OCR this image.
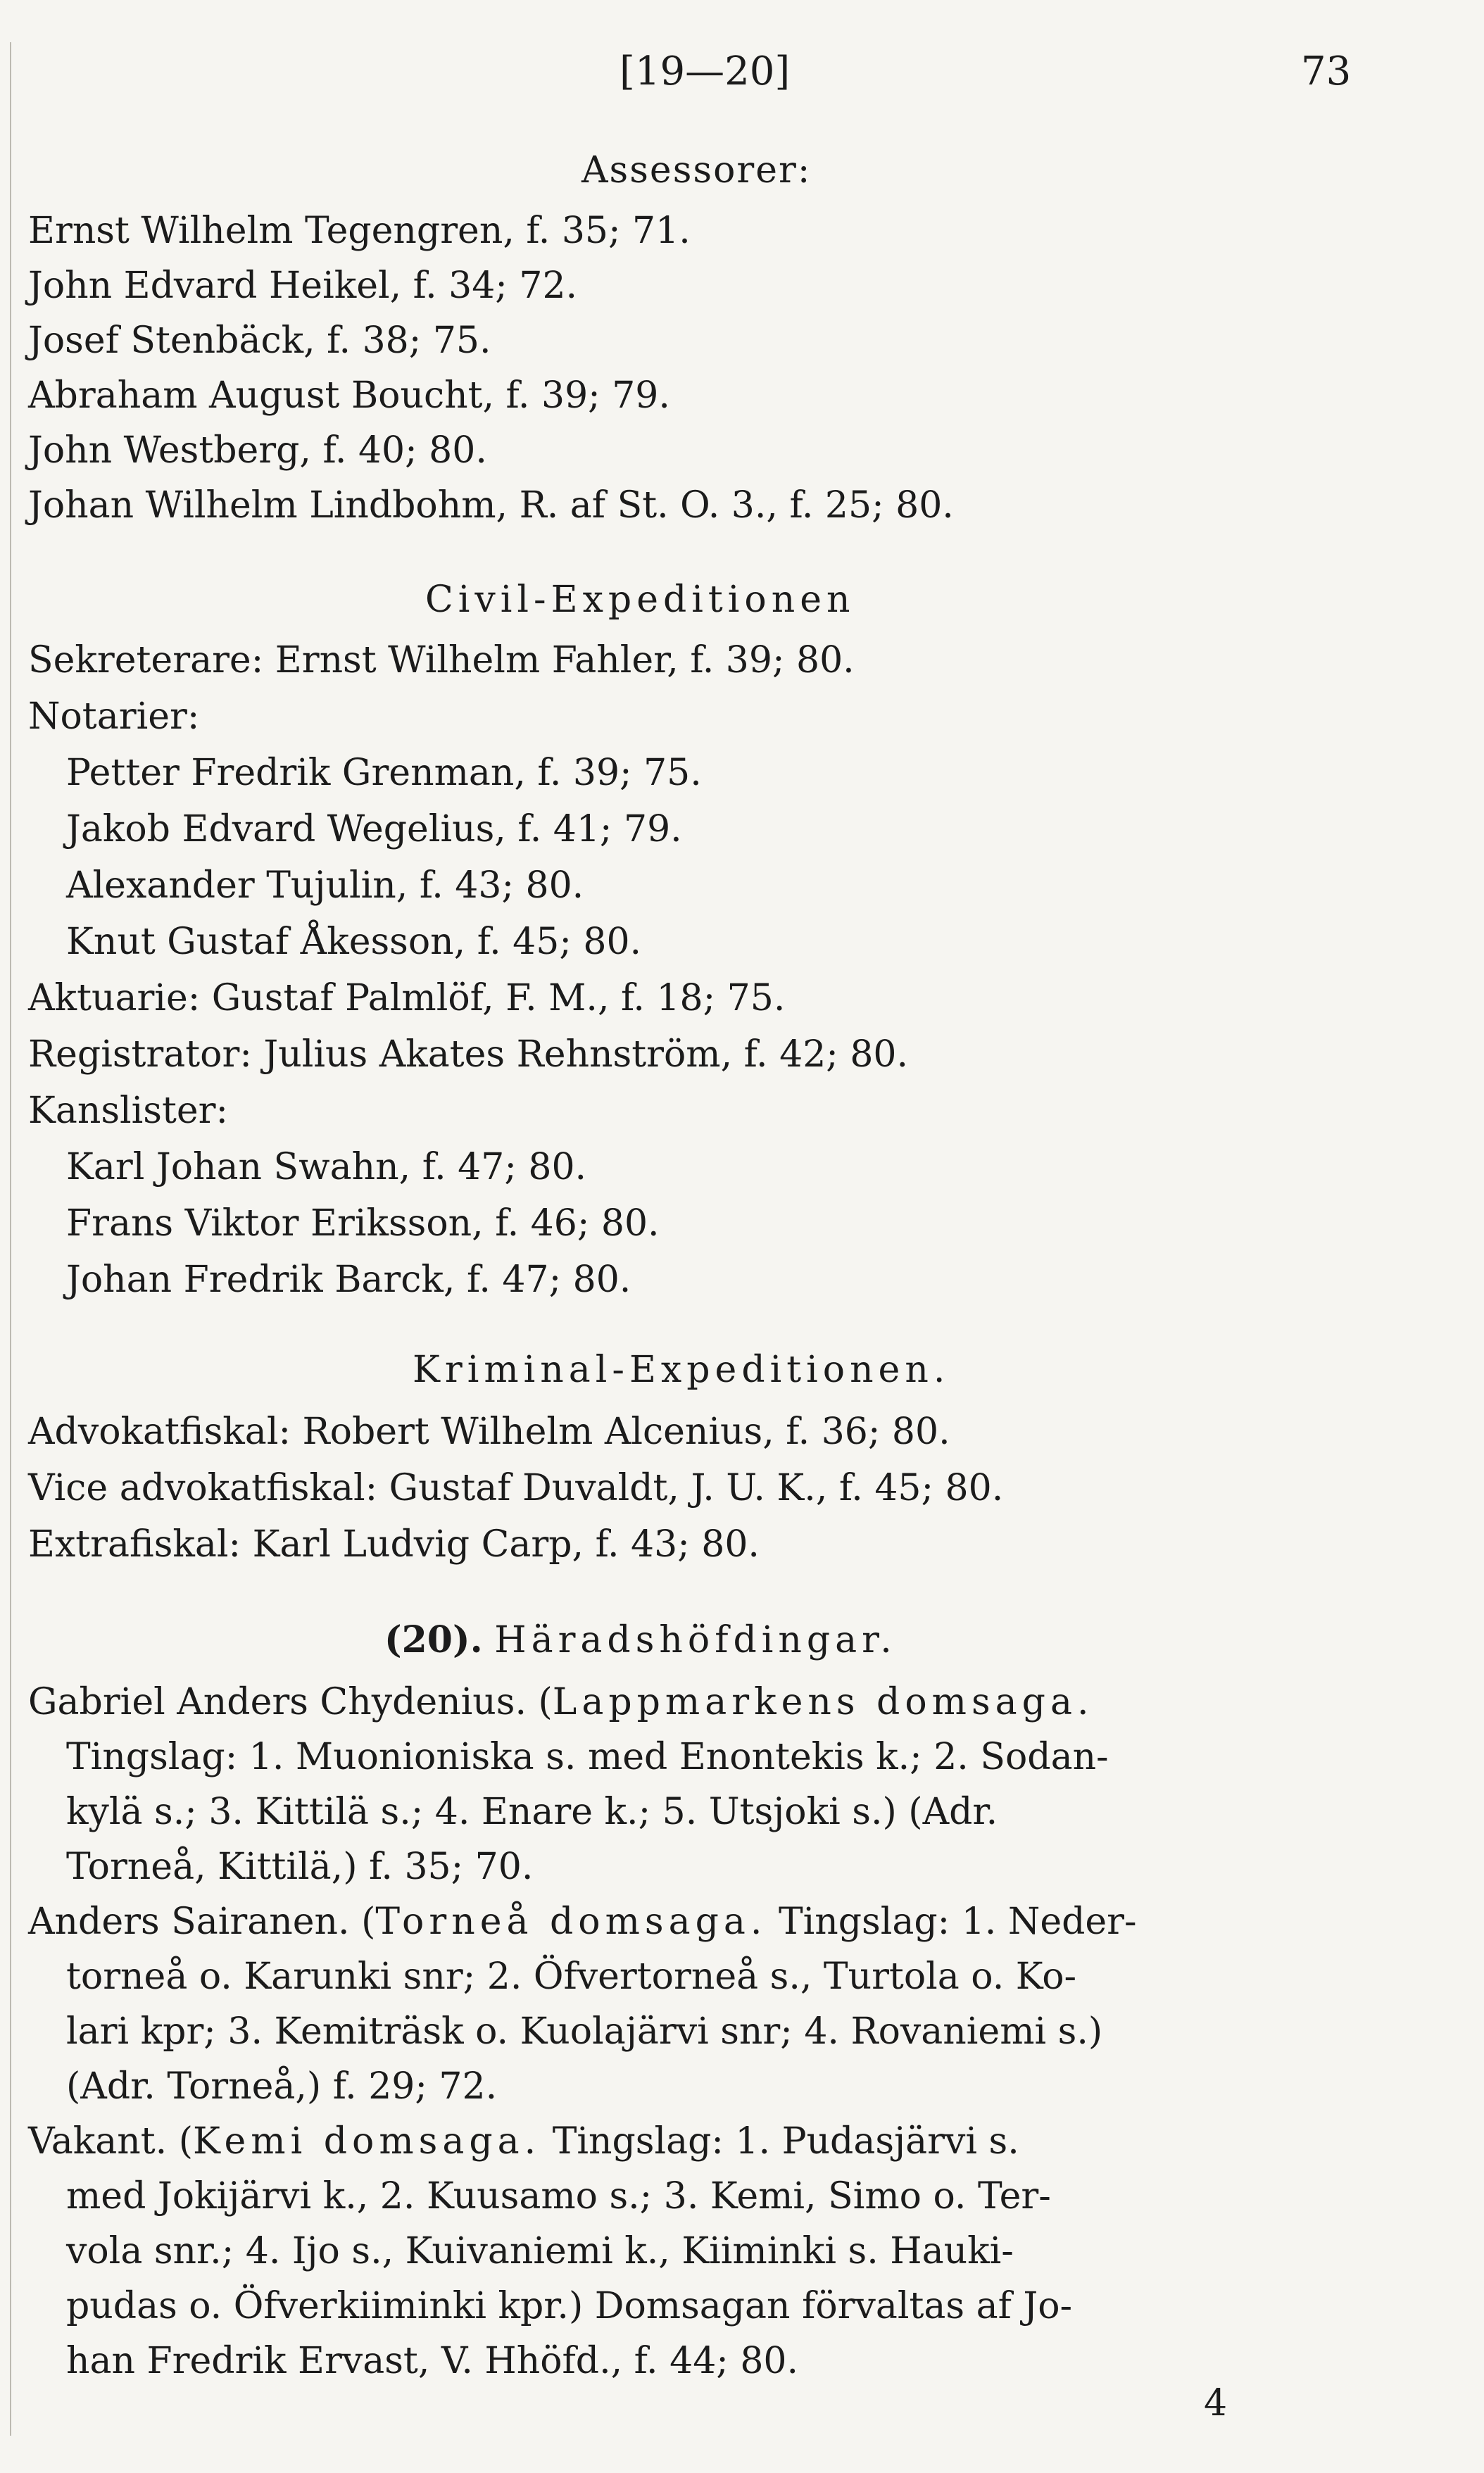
[19—20]	73
Assessorer:
Ernst Wilhelm Tegengren, f. 35; 71.
John Edvard Heikel, f. 34; 72.
Josef Stenbäck, f. 38; 75.
Abraham August Boucht, f. 39; 79.
John Westberg, f. 40; 80.
Johan Wilhelm Lindbohm, R. af St. O. 3., f. 25; 80.
Civil-Expeditionen
Sekreterare: Ernst Wilhelm Fahler, f. 39; 80.
Notarier:
Petter Fredrik Grenman, f. 39; 75.
Jakob Edvard Wegelius, f. 41; 79.
Alexander Tujulin, f. 43; 80.
Knut Gustaf Åkesson, f. 45; 80.
Aktuarie: Gustaf Palmlöf, F. M., f. 18; 75.
Registrator: Julius Akates Rehnström, f. 42; 80.
Kanslister:
Karl Johan Swahn, f. 47; 80.
Frans Viktor Eriksson, f. 46; 80.
Johan Fredrik Barck, f. 47; 80.
Kriminal-Expeditionen.
Advokatfiskal: Robert Wilhelm Alcenius, f. 36; 80.
Vice advokatfiskal: Gustaf Duvaldt, J. U. K., f. 45; 80.
Extrafiskal: Karl Ludvig Carp, f. 43; 80.
(20). Häradshöfdingar.
Gabriel Anders Chydenius. (Lappmarkens domsaga.
Tingslag: 1. Muonioniska s. med Enontekis k.; 2. Sodan-
kylä s.; 3. Kittilä s.; 4. Enare k.; 5. Utsjoki s.) (Adr.
Torneå, Kittilä,) f. 35; 70.
Anders Sairanen. (Torneå domsaga. Tingslag: 1. Neder-
torneå o. Karunki snr; 2. Öfvertorneå s., Turtola o. Ko-
lari kpr; 3. Kemiträsk o. Kuolajärvi snr; 4. Rovaniemi s.)
(Adr. Torneå,) f. 29; 72.
Vakant. (Kemi domsaga. Tingslag: 1. Pudasjärvi s.
med Jokijärvi k., 2. Kuusamo s.; 3. Kemi, Simo o. Ter-
vola snr.; 4. Ijo s., Kuivaniemi k., Kiiminki s. Hauki-
pudas o. Öfverkiiminki kpr.) Domsagan förvaltas af Jo-
han Fredrik Ervast, V. Hhöfd., f. 44; 80.
4
